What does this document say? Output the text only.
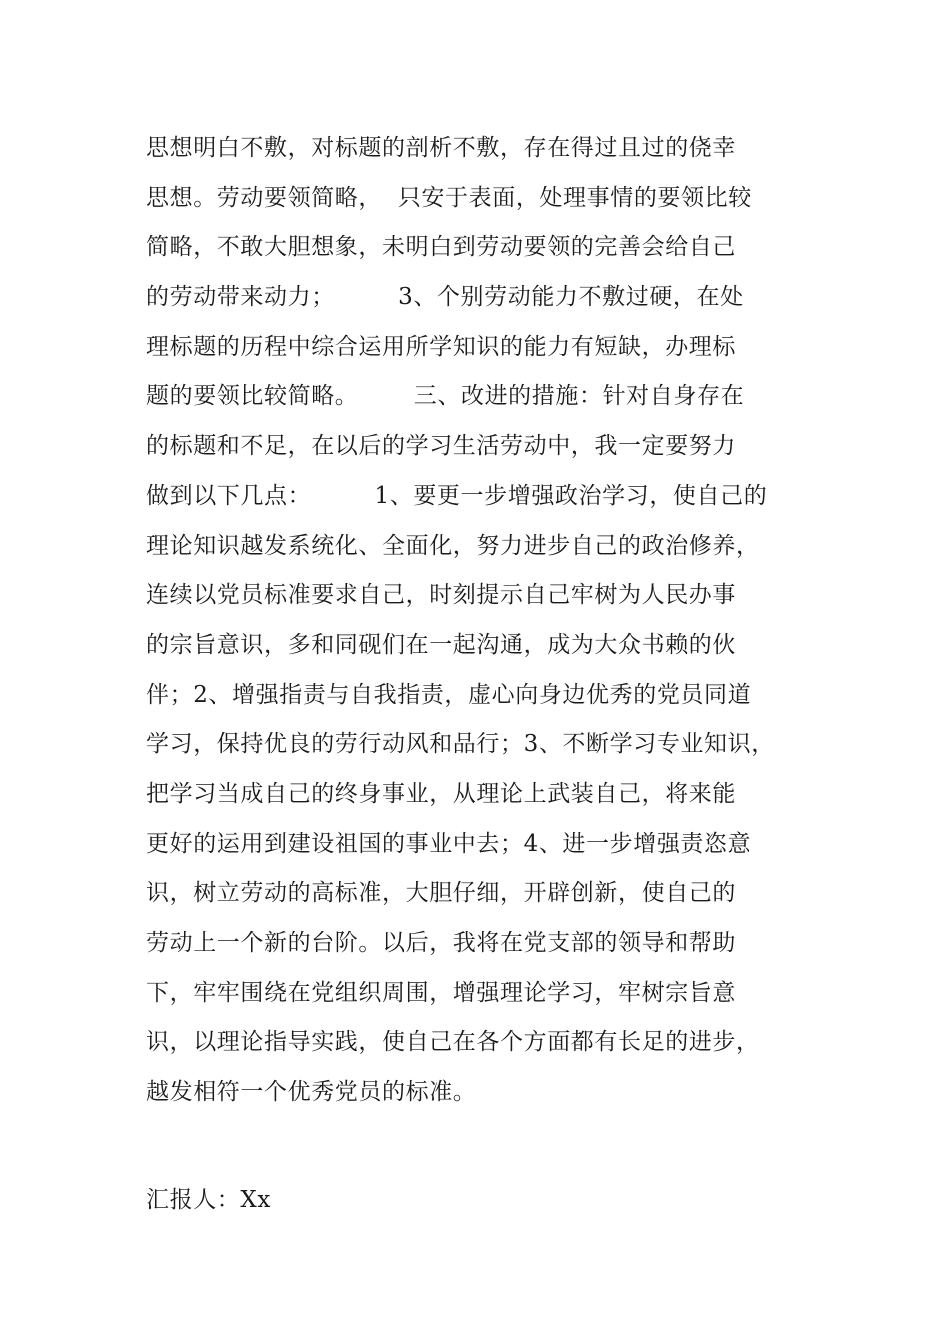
思想明白不敷，对标题的剖析不敷，存在得过且过的侥幸
思想。劳动要领简略，  只安于表面，处理事情的要领比较
简略，不敢大胆想象，未明白到劳动要领的完善会给自己
的劳动带来动力；        3、个别劳动能力不敷过硬，在处
理标题的历程中综合运用所学知识的能力有短缺，办理标
题的要领比较简略。       三、改进的措施：针对自身存在
的标题和不足，在以后的学习生活劳动中，我一定要努力
做到以下几点：        1、要更一步增强政治学习，使自己的
理论知识越发系统化、全面化，努力进步自己的政治修养，
连续以党员标准要求自己，时刻提示自己牢树为人民办事
的宗旨意识，多和同砚们在一起沟通，成为大众书赖的伙
伴；2、增强指责与自我指责，虚心向身边优秀的党员同道
学习，保持优良的劳行动风和品行；3、不断学习专业知识，
把学习当成自己的终身事业，从理论上武装自己，将来能
更好的运用到建设祖国的事业中去；4、进一步增强责恣意
识，树立劳动的高标准，大胆仔细，开辟创新，使自己的
劳动上一个新的台阶。以后，我将在党支部的领导和帮助
下，牢牢围绕在党组织周围，增强理论学习，牢树宗旨意
识，以理论指导实践，使自己在各个方面都有长足的进步，
越发相符一个优秀党员的标准。
汇报人：Xx
